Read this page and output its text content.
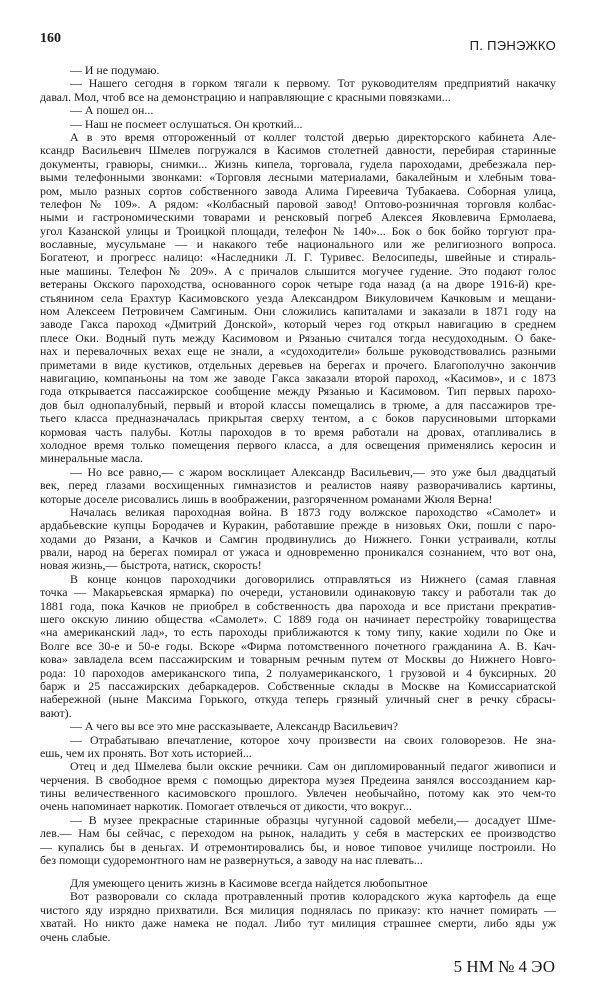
160	П. ПЭНЭЖКО
— И не подумаю.
— Нашего сегодня в горком тягали к первому. Тот руководителям предприятий накачку
давал. Мол, чтоб все на демонстрацию и направляющие с красными повязками...
— А пошел он...
— Наш не посмеет ослушаться. Он кроткий...
А в это время отгороженный от коллег толстой дверью директорского кабинета Але-
ксандр Васильевич Шмелев погружался в Касимов столетней давности, перебирая старинные
документы, гравюры, снимки... Жизнь кипела, торговала, гудела пароходами, дребезжала пер-
выми телефонными звонками: «Торговля лесными материалами, бакалейным и хлебным това-
ром, мыло разных сортов собственного завода Алима Гиреевича Тубакаева. Соборная улица,
телефон № 109». А рядом: «Колбасный паровой завод! Оптово-розничная торговля колбас-
ными и гастрономическими товарами и ренсковый погреб Алексея Яковлевича Ермолаева,
угол Казанской улицы и Троицкой площади, телефон № 140»... Бок о бок бойко торгуют пра-
вославные, мусульмане — и накакого тебе национального или же религиозного вопроса.
Богатеют, и прогресс налицо: «Наследники Л. Г. Туривес. Велосипеды, швейные и стираль-
ные машины. Телефон № 209». А с причалов слышится могучее гудение. Это подают голос
ветераны Окского пароходства, основанного сорок четыре года назад (а на дворе 1916-й) кре-
стьянином села Ерахтур Касимовского уезда Александром Викуловичем Качковым и мещани-
ном Алексеем Петровичем Самгиным. Они сложились капиталами и заказали в 1871 году на
заводе Гакса пароход «Дмитрий Донской», который через год открыл навигацию в среднем
плесе Оки. Водный путь между Касимовом и Рязанью считался тогда несудоходным. О баке-
нах и перевалочных вехах еще не знали, а «судоходители» больше руководствовались разными
приметами в виде кустиков, отдельных деревьев на берегах и прочего. Благополучно закончив
навигацию, компаньоны на том же заводе Гакса заказали второй пароход, «Касимов», и с 1873
года открывается пассажирское сообщение между Рязанью и Касимовом. Тип первых парохо-
дов был однопалубный, первый и второй классы помещались в трюме, а для пассажиров тре-
тьего класса предназначалась прикрытая сверху тентом, а с боков парусиновыми шторками
кормовая часть палубы. Котлы пароходов в то время работали на дровах, отапливались в
холодное время только помещения первого класса, а для освещения применялись керосин и
минеральные масла.
— Но все равно,— с жаром восклицает Александр Васильевич,— это уже был двадцатый
век, перед глазами восхищенных гимназистов и реалистов наяву разворачивались картины,
которые доселе рисовались лишь в воображении, разгоряченном романами Жюля Верна!
Началась великая пароходная война. В 1873 году волжское пароходство «Самолет» и
ардабьевские купцы Бородачев и Куракин, работавшие прежде в низовьях Оки, пошли с паро-
ходами до Рязани, а Качков и Самгин продвинулись до Нижнего. Гонки устраивали, котлы
рвали, народ на берегах помирал от ужаса и одновременно проникался сознанием, что вот она,
новая жизнь,— быстрота, натиск, скорость!
В конце концов пароходчики договорились отправляться из Нижнего (самая главная
точка — Макарьевская ярмарка) по очереди, установили одинаковую таксу и работали так до
1881 года, пока Качков не приобрел в собственность два парохода и все пристани прекратив-
шего окскую линию общества «Самолет». С 1889 года он начинает перестройку товарищества
«на американский лад», то есть пароходы приближаются к тому типу, какие ходили по Оке и
Волге все 30-е и 50-е годы. Вскоре «Фирма потомственного почетного гражданина А. В. Кач-
кова» завладела всем пассажирским и товарным речным путем от Москвы до Нижнего Новго-
рода: 10 пароходов американского типа, 2 полуамериканского, 1 грузовой и 4 буксирных. 20
барж и 25 пассажирских дебаркадеров. Собственные склады в Москве на Комиссариатской
набережной (ныне Максима Горького, откуда теперь грязный уличный снег в речку сбрасы-
вают).
— А чего вы все это мне рассказываете, Александр Васильевич?
— Отрабатываю впечатление, которое хочу произвести на своих головорезов. Не зна-
ешь, чем их пронять. Вот хоть историей...
Отец и дед Шмелева были окские речники. Сам он дипломированный педагог живописи и
черчения. В свободное время с помощью директора музея Предеина занялся воссозданием кар-
тины величественного касимовского прошлого. Увлечен необычайно, потому как это чем-то
очень напоминает наркотик. Помогает отвлечься от дикости, что вокруг...
— В музее прекрасные старинные образцы чугунной садовой мебели,— досадует Шме-
лев.— Нам бы сейчас, с переходом на рынок, наладить у себя в мастерских ее производство
— купались бы в деньгах. И отремонтировались бы, и новое типовое училище построили. Но
без помощи судоремонтного нам не развернуться, а заводу на нас плевать...
Для умеющего ценить жизнь в Касимове всегда найдется любопытное
Вот разворовали со склада протравленный против колорадского жука картофель да еще
чистого яду изрядно прихватили. Вся милиция поднялась по приказу: кто начнет помирать —
хватай. Но никто даже намека не подал. Либо тут милиция страшнее смерти, либо яды уж
очень слабые.
5 НМ № 4 ЭО
